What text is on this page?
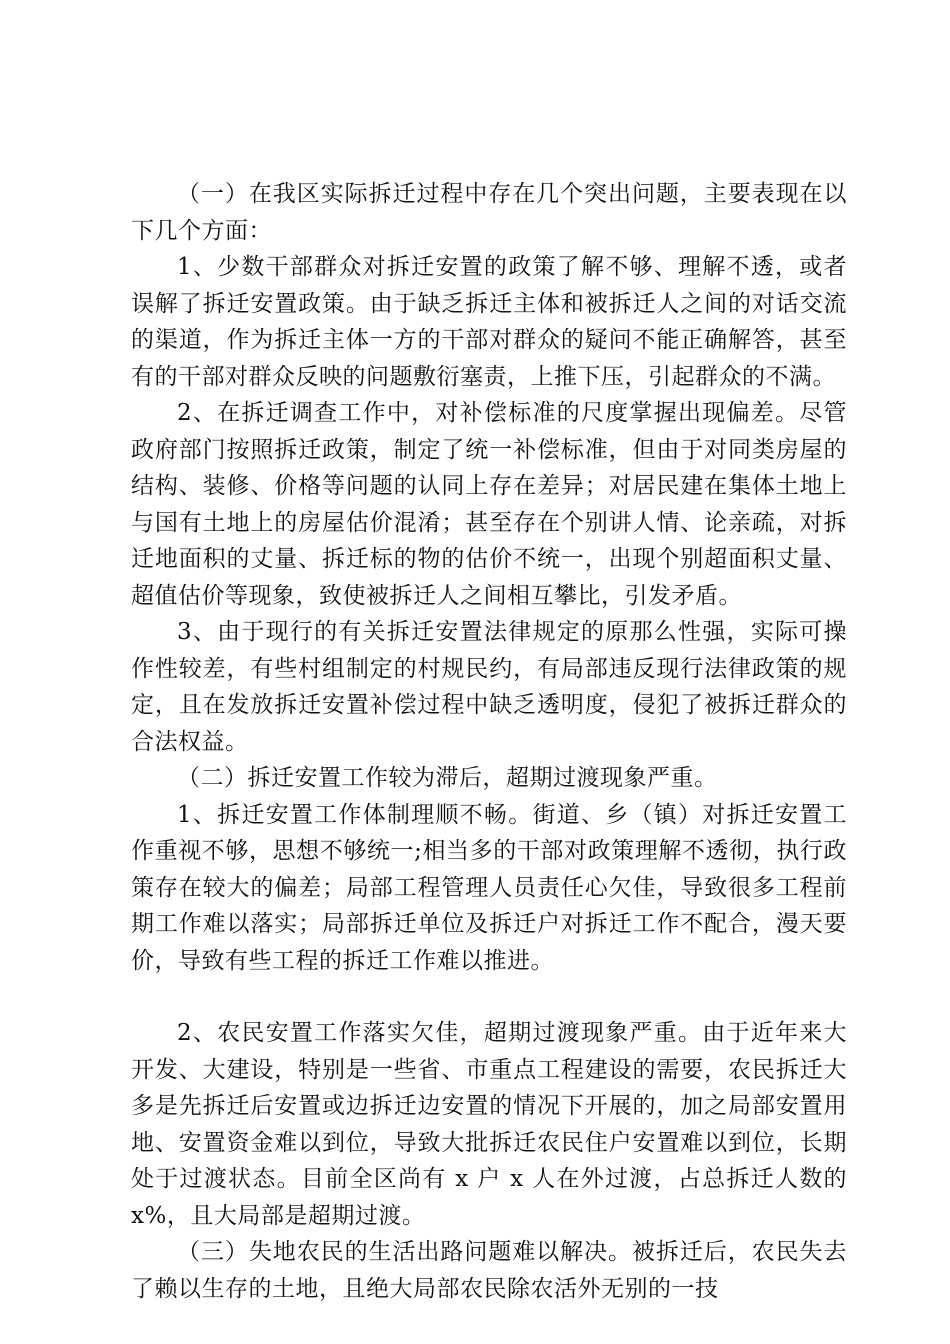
（一）在我区实际拆迁过程中存在几个突出问题，主要表现在以下几个方面：

1、少数干部群众对拆迁安置的政策了解不够、理解不透，或者误解了拆迁安置政策。由于缺乏拆迁主体和被拆迁人之间的对话交流的渠道，作为拆迁主体一方的干部对群众的疑问不能正确解答，甚至有的干部对群众反映的问题敷衍塞责，上推下压，引起群众的不满。

2、在拆迁调查工作中，对补偿标准的尺度掌握出现偏差。尽管政府部门按照拆迁政策，制定了统一补偿标准，但由于对同类房屋的结构、装修、价格等问题的认同上存在差异；对居民建在集体土地上与国有土地上的房屋估价混淆；甚至存在个别讲人情、论亲疏，对拆迁地面积的丈量、拆迁标的物的估价不统一，出现个别超面积丈量、超值估价等现象，致使被拆迁人之间相互攀比，引发矛盾。

3、由于现行的有关拆迁安置法律规定的原那么性强，实际可操作性较差，有些村组制定的村规民约，有局部违反现行法律政策的规定，且在发放拆迁安置补偿过程中缺乏透明度，侵犯了被拆迁群众的合法权益。

（二）拆迁安置工作较为滞后，超期过渡现象严重。

1、拆迁安置工作体制理顺不畅。街道、乡（镇）对拆迁安置工作重视不够，思想不够统一;相当多的干部对政策理解不透彻，执行政策存在较大的偏差；局部工程管理人员责任心欠佳，导致很多工程前期工作难以落实；局部拆迁单位及拆迁户对拆迁工作不配合，漫天要价，导致有些工程的拆迁工作难以推进。

2、农民安置工作落实欠佳，超期过渡现象严重。由于近年来大开发、大建设，特别是一些省、市重点工程建设的需要，农民拆迁大多是先拆迁后安置或边拆迁边安置的情况下开展的，加之局部安置用地、安置资金难以到位，导致大批拆迁农民住户安置难以到位，长期处于过渡状态。目前全区尚有 x 户 x 人在外过渡，占总拆迁人数的 x%，且大局部是超期过渡。

（三）失地农民的生活出路问题难以解决。被拆迁后，农民失去了赖以生存的土地，且绝大局部农民除农活外无别的一技
